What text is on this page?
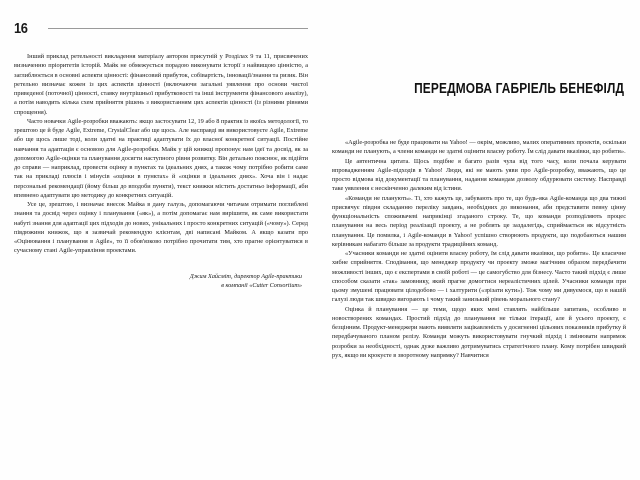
16

Інший приклад ретельності викладення матеріалу автором присутній у Розділах 9 та 11, присвячених визначенню пріоритетів історій. Майк не обмежується порадою виконувати історії з найвищою цінністю, а заглиблюється в основні аспекти цінності: фінансовий прибуток, собівартість, інновації/знання та ризик. Він ретельно визначає кожен із цих аспектів цінності (включаючи загальні уявлення про основи чистої приведеної (поточної) цінності, ставку внутрішньої прибутковості та інші інструменти фінансового аналізу), а потім наводить кілька схем прийняття рішень з використанням цих аспектів цінності (із різними рівнями спрощення).

Часто новачки Agile-розробки вважають: якщо застосувати 12, 19 або 8 практик із якоїсь методології, то зрештою це й буде Agile, Extreme, CrystalClear або ще щось. Але насправді ви використовуєте Agile, Extreme або ще щось лише тоді, коли здатні на практиці адаптувати їх до власної конкретної ситуації. Постійне навчання та адаптація є основою для Agile-розробки. Майк у цій книжці пропонує нам ідеї та досвід, як за допомогою Agile-оцінки та планування досягти наступного рівня розвитку. Він детально пояснює, як підійти до справи — наприклад, провести оцінку в пунктах та ідеальних днях, а також чому потрібно робити саме так на прикладі плюсів і мінусів «оцінки в пунктах» й «оцінки в ідеальних днях». Хоча він і надає персональні рекомендації (йому більш до вподоби пункти), текст книжки містить достатньо інформації, аби впевнено адаптувати цю методику до конкретних ситуацій.

Усе це, зрештою, і визначає внесок Майка в дану галузь, допомагаючи читачам отримати поглиблені знання та досвід через оцінку і планування («як»), а потім допомагає нам вирішити, як саме використати набуті знання для адаптації цих підходів до нових, унікальних і просто конкретних ситуацій («чому»). Серед півдюжини книжок, що я зазвичай рекомендую клієнтам, дві написані Майком. А якщо казати про «Оцінювання і планування в Agile», то її обов'язково потрібно прочитати тим, хто прагне орієнтуватися в сучасному стані Agile-управління проектами.

Джим Хайсміт, директор Agile-практики
в компанії «Cutter Consortium»
ПЕРЕДМОВА ГАБРІЕЛЬ БЕНЕФІЛД

«Agile-розробка не буде працювати на Yahoo! — окрім, можливо, малих оперативних проектів, оскільки команди не планують, а члени команди не здатні оцінити власну роботу. Їм слід давати вказівки, що робити».

Це автентична цитата. Щось подібне я багато разів чула від того часу, коли почала керувати впровадженням Agile-підходів в Yahoo! Люди, які не мають уяви про Agile-розробку, вважають, що це просто відмова від документації та планування, надання командам дозволу обдурювати систему. Насправді таке уявлення є нескінченно далеким від істини.

«Команди не планують». Ті, хто кажуть це, забувають про те, що будь-яка Agile-команда що два тижні присвячує півдня складанню переліку завдань, необхідних до виконання, аби представити певну цінну функціональність споживачеві наприкінці згаданого строку. Те, що команди розподіляють процес планування на весь період реалізації проекту, а не роблять це заздалегідь, сприймається як відсутність планування. Це помилка, і Agile-команди в Yahoo! успішно створюють продукти, що подобаються нашим керівникам набагато більше за продукти традиційних команд.

«Учасники команди не здатні оцінити власну роботу, їм слід давати вказівки, що робити». Це класичне хибне сприйняття. Сподівання, що менеджер продукту чи проекту зможе магічним образом передбачити можливості інших, що є експертами в своїй роботі — це самогубство для бізнесу. Часто такий підхід є лише способом сказати «так» замовнику, який прагне домогтися нереалістичних цілей. Учасники команди при цьому змушені працювати цілодобово — і халтурити («зрізати кути»). Тож чому ми дивуємося, що в нашій галузі люди так швидко вигорають і чому такий занизький рівень морального стану?

Оцінка й планування — це теми, щодо яких мені ставлять найбільше запитань, особливо в новостворених командах. Простий підхід до планування не тільки ітерації, але й усього проекту, є безцінним. Продукт-менеджери мають виявляти зацікавленість у досягненні цільових показників прибутку й передбачуваного планом релізу. Команди можуть використовувати гнучкий підхід і змінювати напрямок розробки за необхідності, однак дуже важливо дотримуватись стратегічного плану. Кому потрібен швидкий рух, якщо ви крокуєте в зворотному напрямку? Навчитися
